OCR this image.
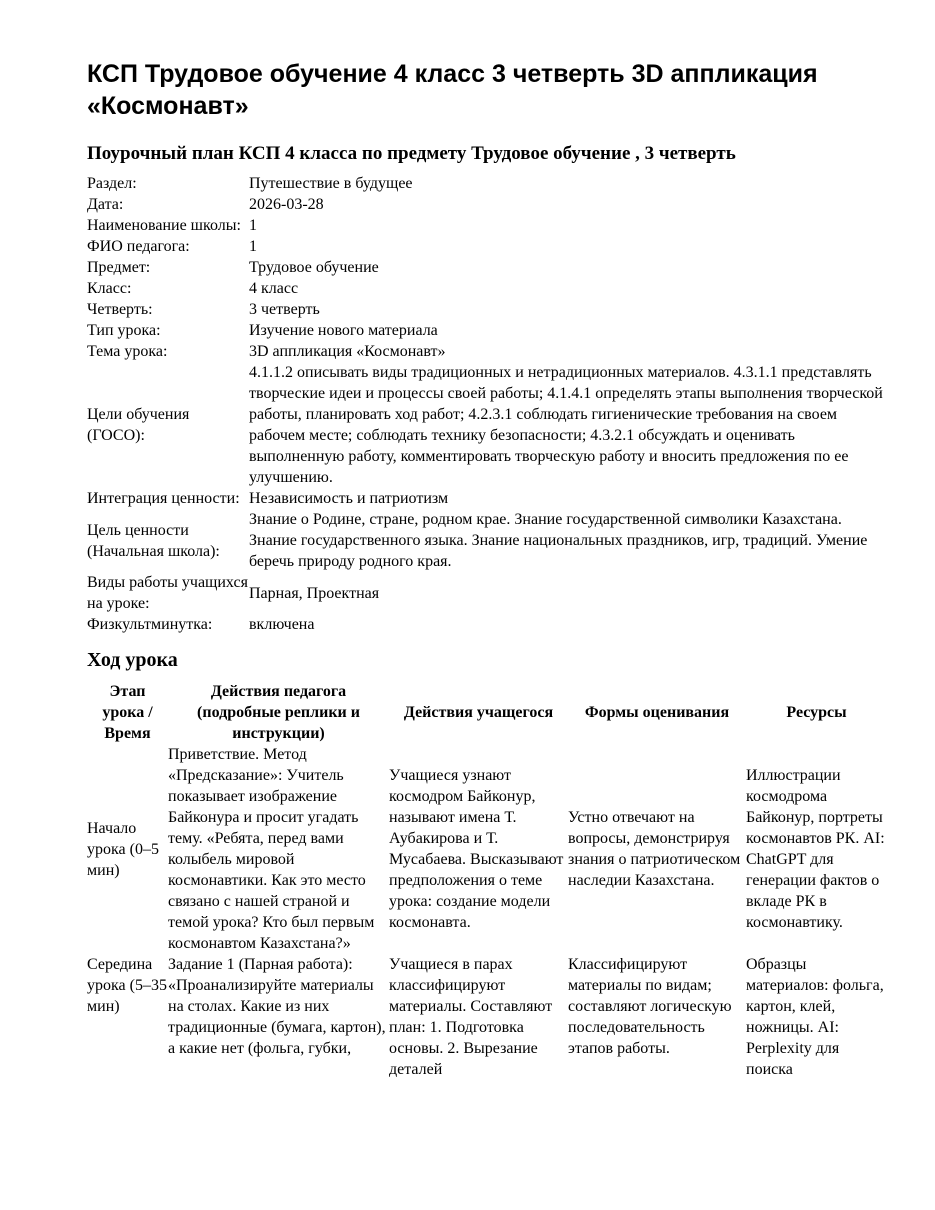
КСП Трудовое обучение 4 класс 3 четверть 3D аппликация «Космонавт»
Поурочный план КСП 4 класса по предмету Трудовое обучение , 3 четверть
Раздел:	Путешествие в будущее
Дата:	2026-03-28
Наименование школы:	1
ФИО педагога:	1
Предмет:	Трудовое обучение
Класс:	4 класс
Четверть:	3 четверть
Тип урока:	Изучение нового материала
Тема урока:	3D аппликация «Космонавт»
Цели обучения (ГОСО):	4.1.1.2 описывать виды традиционных и нетрадиционных материалов. 4.3.1.1 представлять творческие идеи и процессы своей работы; 4.1.4.1 определять этапы выполнения творческой работы, планировать ход работ; 4.2.3.1 соблюдать гигиенические требования на своем рабочем месте; соблюдать технику безопасности; 4.3.2.1 обсуждать и оценивать выполненную работу, комментировать творческую работу и вносить предложения по ее улучшению.
Интеграция ценности:	Независимость и патриотизм
Цель ценности (Начальная школа):	Знание о Родине, стране, родном крае. Знание государственной символики Казахстана. Знание государственного языка. Знание национальных праздников, игр, традиций. Умение беречь природу родного края.
Виды работы учащихся на уроке:	Парная, Проектная
Физкультминутка:	включена
Ход урока
Этап урока / Время	Действия педагога (подробные реплики и инструкции)	Действия учащегося	Формы оценивания	Ресурсы
Начало урока (0–5 мин)	Приветствие. Метод «Предсказание»: Учитель показывает изображение Байконура и просит угадать тему. «Ребята, перед вами колыбель мировой космонавтики. Как это место связано с нашей страной и темой урока? Кто был первым космонавтом Казахстана?»	Учащиеся узнают космодром Байконур, называют имена Т. Аубакирова и Т. Мусабаева. Высказывают предположения о теме урока: создание модели космонавта.	Устно отвечают на вопросы, демонстрируя знания о патриотическом наследии Казахстана.	Иллюстрации космодрома Байконур, портреты космонавтов РК. AI: ChatGPT для генерации фактов о вкладе РК в космонавтику.
Середина урока (5–35 мин)	Задание 1 (Парная работа): «Проанализируйте материалы на столах. Какие из них традиционные (бумага, картон), а какие нет (фольга, губки,	Учащиеся в парах классифицируют материалы. Составляют план: 1. Подготовка основы. 2. Вырезание деталей	Классифицируют материалы по видам; составляют логическую последовательность этапов работы.	Образцы материалов: фольга, картон, клей, ножницы. AI: Perplexity для поиска
